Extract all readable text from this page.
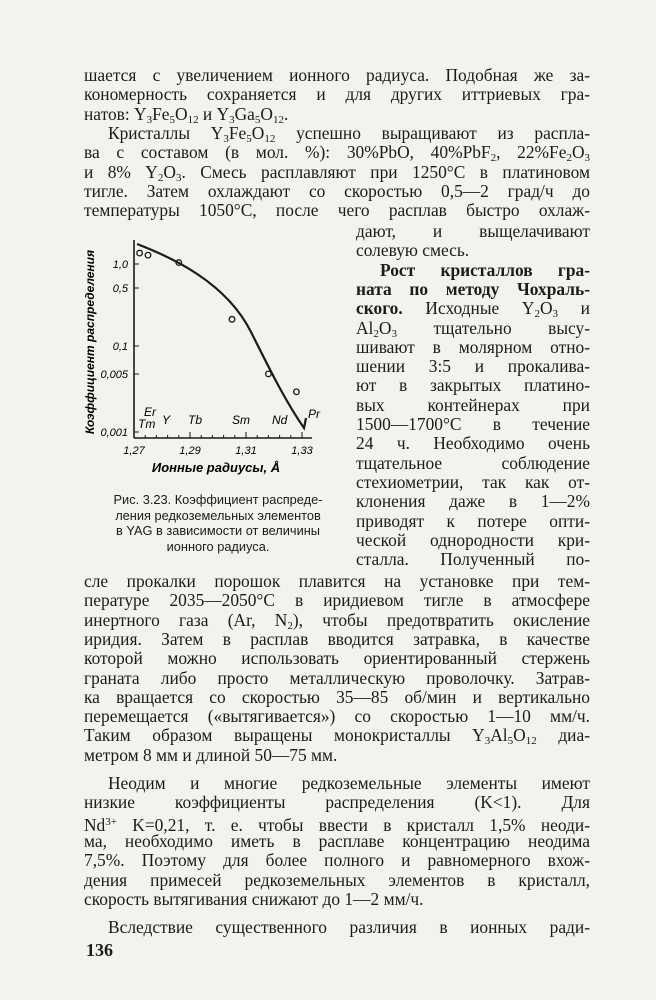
Коэффициент распределения 1,0
0,5
0,1
0,005
0,001
1,27	1,29	1,31	1,33
Er
Tm Y Tb Sm Nd Pr
Ионные радиусы, Å
136
шается с увеличением ионного радиуса. Подобная же за-
кономерность сохраняется и для других иттриевых гра-
натов: Y3Fe5O12 и Y3Ga5O12.
Кристаллы Y3Fe5O12 успешно выращивают из распла-
ва с составом (в мол. %): 30%PbO, 40%PbF2, 22%Fe2O3
и 8% Y2O3. Смесь расплавляют при 1250°С в платиновом
тигле. Затем охлаждают со скоростью 0,5—2 град/ч до
температуры 1050°С, после чего расплав быстро охлаж-
дают, и выщелачивают
солевую смесь.
Рост кристаллов гра-
ната по методу Чохраль-
ского. Исходные Y2O3 и
Al2O3 тщательно высу-
шивают в молярном отно-
шении 3:5 и прокалива-
ют в закрытых платино-
вых контейнерах при
1500—1700°С в течение
24 ч. Необходимо очень
тщательное соблюдение
стехиометрии, так как от-
клонения даже в 1—2%
приводят к потере опти-
ческой однородности кри-
сталла. Полученный по-
сле прокалки порошок плавится на установке при тем-
пературе 2035—2050°С в иридиевом тигле в атмосфере
инертного газа (Ar, N2), чтобы предотвратить окисление
иридия. Затем в расплав вводится затравка, в качестве
которой можно использовать ориентированный стержень
граната либо просто металлическую проволочку. Затрав-
ка вращается со скоростью 35—85 об/мин и вертикально
перемещается («вытягивается») со скоростью 1—10 мм/ч.
Таким образом выращены монокристаллы Y3Al5O12 диа-
метром 8 мм и длиной 50—75 мм.
Неодим и многие редкоземельные элементы имеют
низкие коэффициенты распределения (K<1). Для
$Nd^{3+}$ K=0,21, т. е. чтобы ввести в кристалл 1,5% неоди-
ма, необходимо иметь в расплаве концентрацию неодима
7,5%. Поэтому для более полного и равномерного вхож-
дения примесей редкоземельных элементов в кристалл,
скорость вытягивания снижают до 1—2 мм/ч.
Вследствие существенного различия в ионных ради-
Рис. 3.23. Коэффициент распреде-
ления редкоземельных элементов
в YAG в зависимости от величины
ионного радиуса.
